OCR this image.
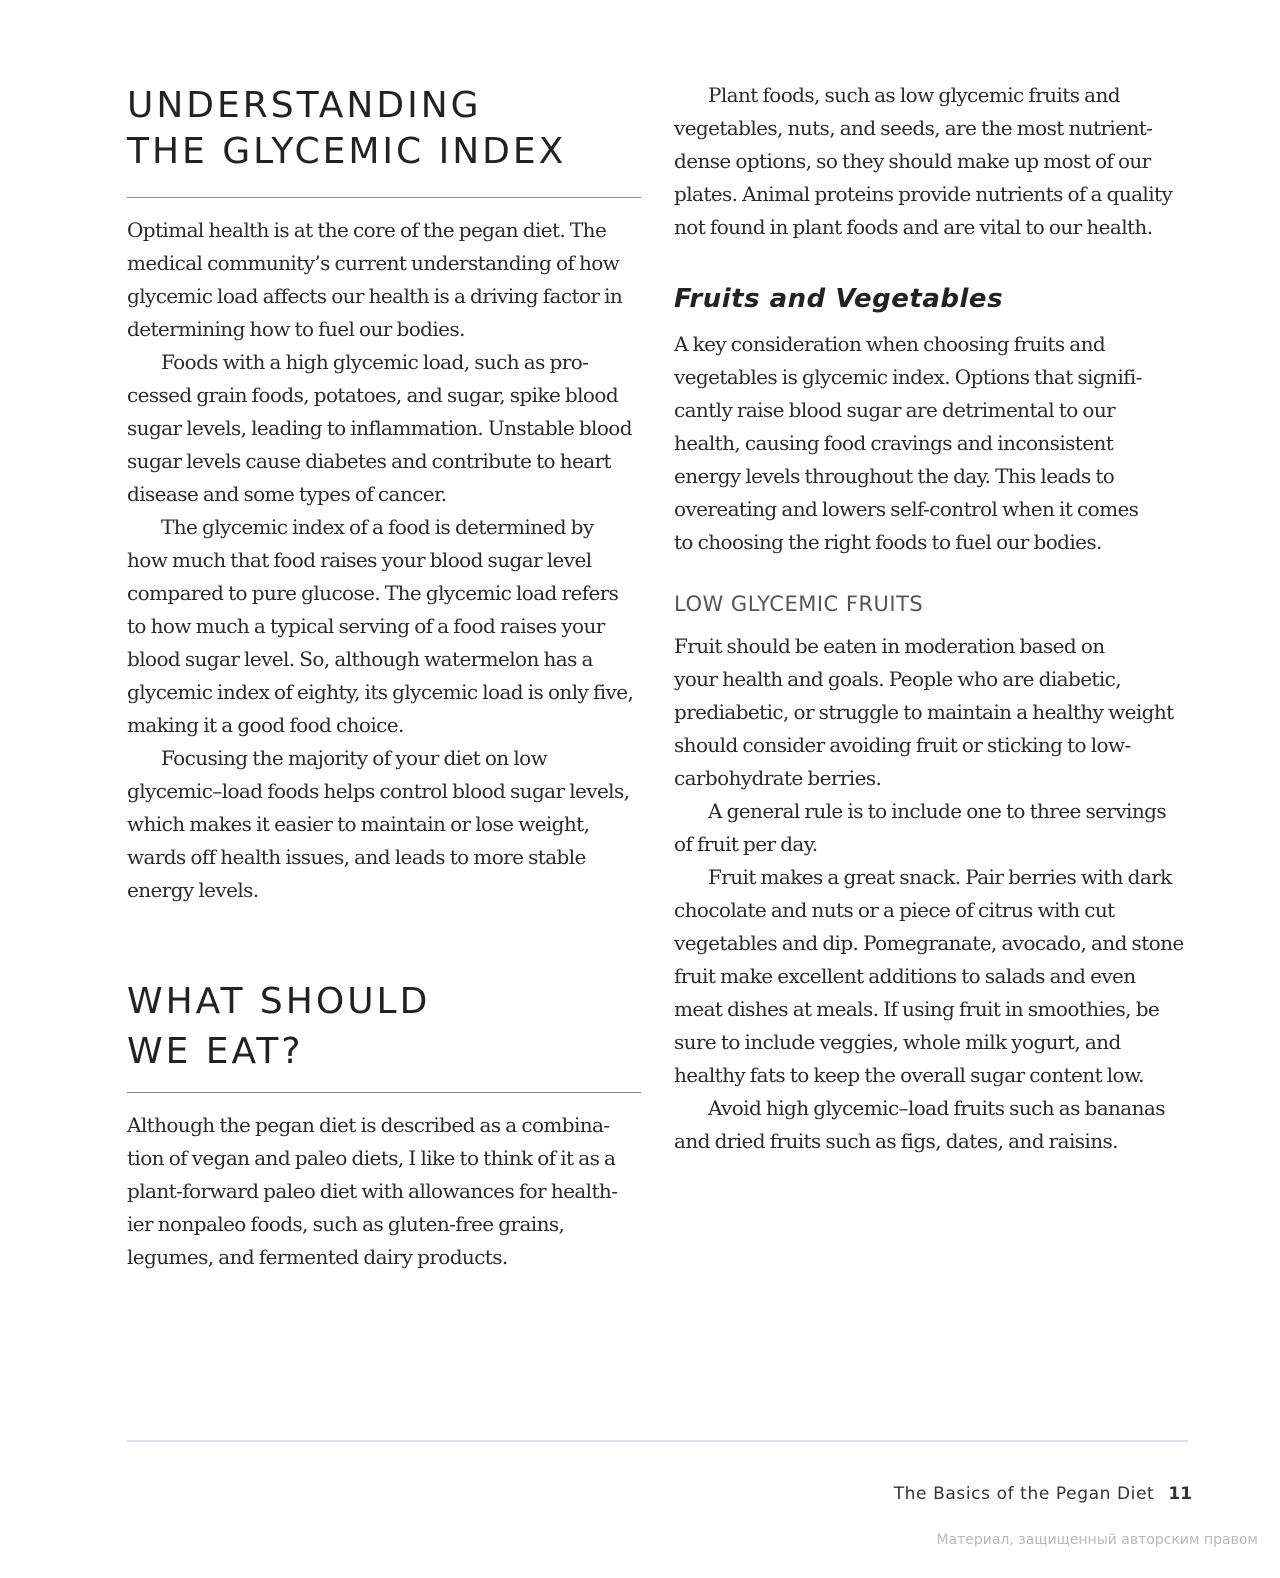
UNDERSTANDING
THE GLYCEMIC INDEX

Optimal health is at the core of the pegan diet. The
medical community’s current understanding of how
glycemic load affects our health is a driving factor in
determining how to fuel our bodies.

Foods with a high glycemic load, such as pro-
cessed grain foods, potatoes, and sugar, spike blood
sugar levels, leading to inflammation. Unstable blood
sugar levels cause diabetes and contribute to heart
disease and some types of cancer.

The glycemic index of a food is determined by
how much that food raises your blood sugar level
compared to pure glucose. The glycemic load refers
to how much a typical serving of a food raises your
blood sugar level. So, although watermelon has a
glycemic index of eighty, its glycemic load is only five,
making it a good food choice.

Focusing the majority of your diet on low
glycemic–load foods helps control blood sugar levels,
which makes it easier to maintain or lose weight,
wards off health issues, and leads to more stable
energy levels.

WHAT SHOULD
WE EAT?

Although the pegan diet is described as a combina-
tion of vegan and paleo diets, I like to think of it as a
plant-forward paleo diet with allowances for health-
ier nonpaleo foods, such as gluten-free grains,
legumes, and fermented dairy products.

Plant foods, such as low glycemic fruits and
vegetables, nuts, and seeds, are the most nutrient-
dense options, so they should make up most of our
plates. Animal proteins provide nutrients of a quality
not found in plant foods and are vital to our health.

Fruits and Vegetables

A key consideration when choosing fruits and
vegetables is glycemic index. Options that signifi-
cantly raise blood sugar are detrimental to our
health, causing food cravings and inconsistent
energy levels throughout the day. This leads to
overeating and lowers self-control when it comes
to choosing the right foods to fuel our bodies.

LOW GLYCEMIC FRUITS

Fruit should be eaten in moderation based on
your health and goals. People who are diabetic,
prediabetic, or struggle to maintain a healthy weight
should consider avoiding fruit or sticking to low-
carbohydrate berries.

A general rule is to include one to three servings
of fruit per day.

Fruit makes a great snack. Pair berries with dark
chocolate and nuts or a piece of citrus with cut
vegetables and dip. Pomegranate, avocado, and stone
fruit make excellent additions to salads and even
meat dishes at meals. If using fruit in smoothies, be
sure to include veggies, whole milk yogurt, and
healthy fats to keep the overall sugar content low.

Avoid high glycemic–load fruits such as bananas
and dried fruits such as figs, dates, and raisins.

The Basics of the Pegan Diet 11
Материал, защищенный авторским правом
